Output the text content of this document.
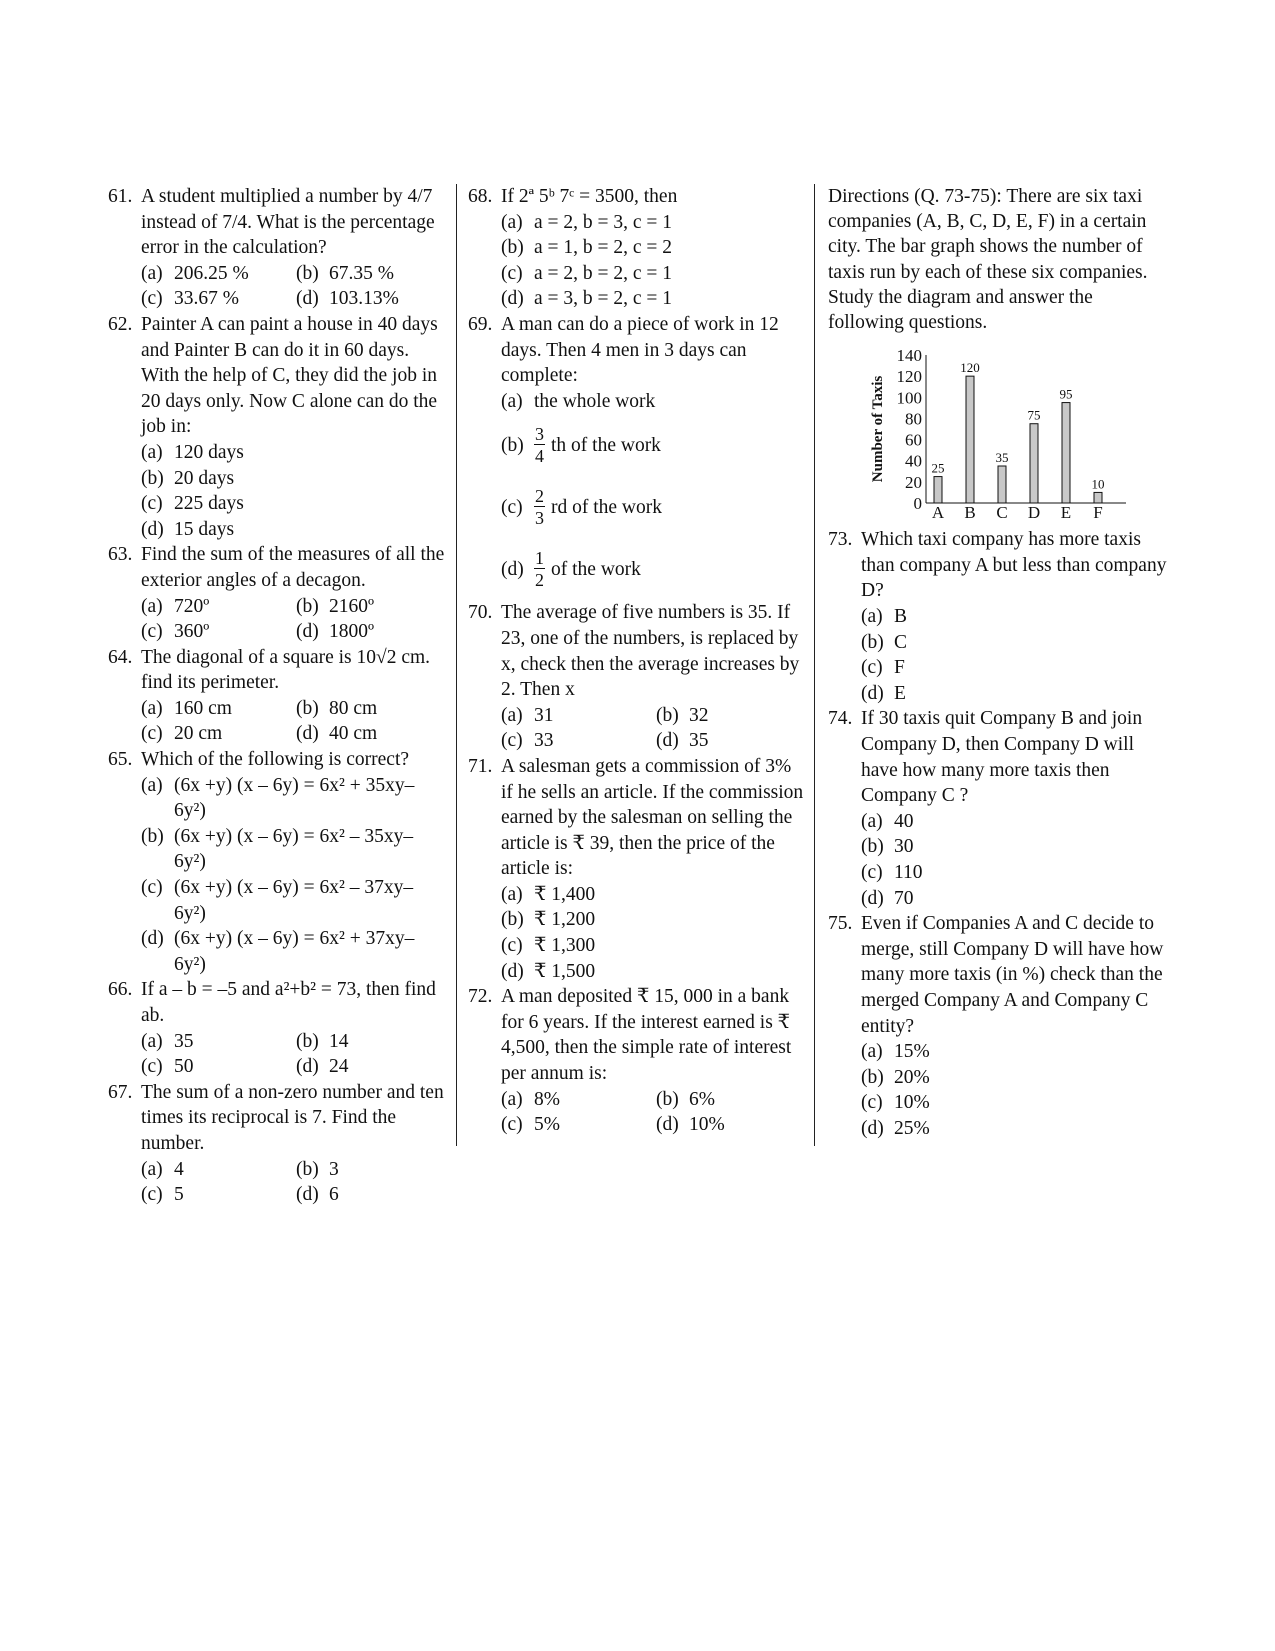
61. A student multiplied a number by 4/7 instead of 7/4. What is the percentage error in the calculation?
(a) 206.25 % (b) 67.35 %
(c) 33.67 %	(d) 103.13%
62. Painter A can paint a house in 40 days and Painter B can do it in 60 days. With the help of C, they did the job in 20 days only. Now C alone can do the job in:
(a) 120 days
(b) 20 days
(c) 225 days
(d) 15 days
63. Find the sum of the measures of all the exterior angles of a decagon.
(a) 720º	(b) 2160º
(c) 360º	(d) 1800º
64. The diagonal of a square is 10√2 cm. find its perimeter.
(a) 160 cm	(b) 80 cm
(c) 20 cm	(d) 40 cm
65. Which of the following is correct?
(a) (6x +y) (x – 6y) = 6x² + 35xy– 6y²)
(b) (6x +y) (x – 6y) = 6x² – 35xy– 6y²)
(c) (6x +y) (x – 6y) = 6x² – 37xy– 6y²)
(d) (6x +y) (x – 6y) = 6x² + 37xy– 6y²)
66. If a – b = –5 and a²+b² = 73, then find ab.
(a) 35	(b) 14
(c) 50	(d) 24
67. The sum of a non-zero number and ten times its reciprocal is 7. Find the number.
(a) 4	(b) 3
(c) 5	(d) 6
68. If 2ª 5ᵇ 7ᶜ = 3500, then
(a) a = 2, b = 3, c = 1
(b) a = 1, b = 2, c = 2
(c) a = 2, b = 2, c = 1
(d) a = 3, b = 2, c = 1
69. A man can do a piece of work in 12 days. Then 4 men in 3 days can complete:
(a) the whole work
$(b) \frac{3}{4}$ th of the work
$(c) \frac{2}{3}$ rd of the work
$(d) \frac{1}{2}$ of the work
70. The average of five numbers is 35. If 23, one of the numbers, is replaced by x, check then the average increases by 2. Then x
(a) 31	(b) 32
(c) 33	(d) 35
71. A salesman gets a commission of 3% if he sells an article. If the commission earned by the salesman on selling the article is ₹ 39, then the price of the article is:
(a) ₹ 1,400
(b) ₹ 1,200
(c) ₹ 1,300
(d) ₹ 1,500
72. A man deposited ₹ 15, 000 in a bank for 6 years. If the interest earned is ₹ 4,500, then the simple rate of interest per annum is:
(a) 8%	(b) 6%
(c) 5%	(d) 10%
Directions (Q. 73-75): There are six taxi companies (A, B, C, D, E, F) in a certain city. The bar graph shows the number of taxis run by each of these six companies. Study the diagram and answer the following questions.
0
20
40
60
80
100
120
140
Number of Taxis	25
A
120
B
35
C
75
D
95
E
10
F
73. Which taxi company has more taxis than company A but less than company D?
(a) B
(b) C
(c) F
(d) E
74. If 30 taxis quit Company B and join Company D, then Company D will have how many more taxis then Company C ?
(a) 40
(b) 30
(c) 110
(d) 70
75. Even if Companies A and C decide to merge, still Company D will have how many more taxis (in %) check than the merged Company A and Company C entity?
(a) 15%
(b) 20%
(c) 10%
(d) 25%
